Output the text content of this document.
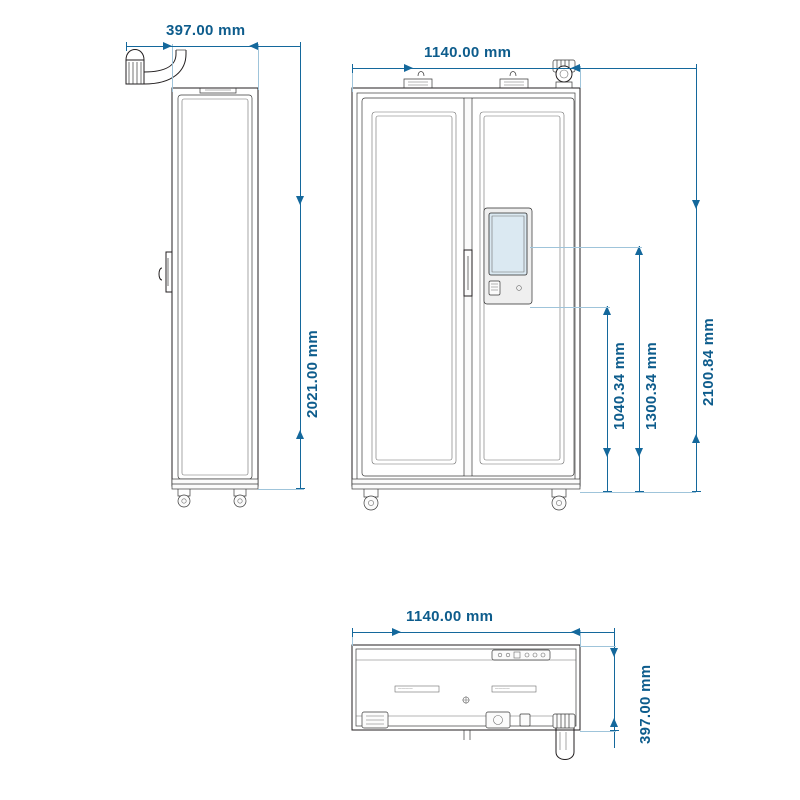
397.00 mm
2021.00 mm
1140.00 mm
2100.84 mm
1300.34 mm
1040.34 mm
1140.00 mm
397.00 mm
————	————
